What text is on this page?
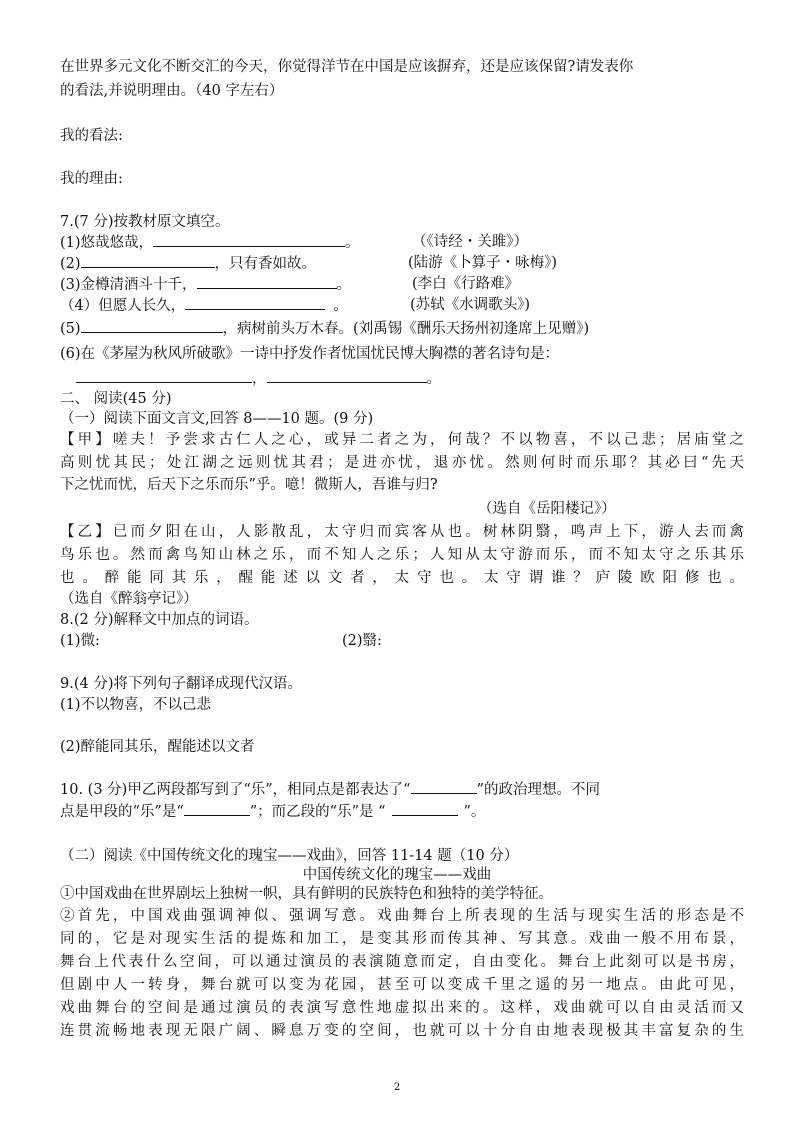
在世界多元文化不断交汇的今天，你觉得洋节在中国是应该摒弃，还是应该保留?请发表你
的看法,并说明理由。（40 字左右）
我的看法:
我的理由:
7.(7 分)按教材原文填空。
(1)悠哉悠哉，	。	（《诗经・关雎》）
(2)	，只有香如故。	(陆游《卜算子・咏梅》)
(3)金樽清酒斗十千，	。	(李白《行路难》
（4）但愿人长久，	。	(苏轼《水调歌头》)
(5)	，病树前头万木春。(刘禹锡《酬乐天扬州初逢席上见赠》)
(6)在《茅屋为秋风所破歌》一诗中抒发作者忧国忧民博大胸襟的著名诗句是：
，	。
二、 阅读(45 分)
（一）阅读下面文言文,回答 8——10 题。(9 分)
【甲】嗟夫！予尝求古仁人之心，或异二者之为，何哉？不以物喜，不以己悲；居庙堂之
高则忧其民；处江湖之远则忧其君；是进亦忧，退亦忧。然则何时而乐耶？其必曰“先天
下之忧而忧，后天下之乐而乐”乎。噫！微斯人，吾谁与归?
（选自《岳阳楼记》）
【乙】已而夕阳在山，人影散乱，太守归而宾客从也。树林阴翳，鸣声上下，游人去而禽
鸟乐也。然而禽鸟知山林之乐，而不知人之乐；人知从太守游而乐，而不知太守之乐其乐
也。醉能同其乐，醒能述以文者，太守也。太守谓谁？庐陵欧阳修也。
（选自《醉翁亭记》）
8.(2 分)解释文中加点的词语。
(1)微:	(2)翳:
9.(4 分)将下列句子翻译成现代汉语。
(1)不以物喜，不以己悲
(2)醉能同其乐，醒能述以文者
10. (3 分)甲乙两段都写到了“乐”，相同点是都表达了“	”的政治理想。不同
点是甲段的“乐”是“	”；而乙段的“乐”是 “	”。
（二）阅读《中国传统文化的瑰宝——戏曲》，回答 11-14 题（10 分）
中国传统文化的瑰宝——戏曲
①中国戏曲在世界剧坛上独树一帜，具有鲜明的民族特色和独特的美学特征。
②首先，中国戏曲强调神似、强调写意。戏曲舞台上所表现的生活与现实生活的形态是不
同的，它是对现实生活的提炼和加工，是变其形而传其神、写其意。戏曲一般不用布景，
舞台上代表什么空间，可以通过演员的表演随意而定，自由变化。舞台上此刻可以是书房，
但剧中人一转身，舞台就可以变为花园，甚至可以变成千里之遥的另一地点。由此可见，
戏曲舞台的空间是通过演员的表演写意性地虚拟出来的。这样，戏曲就可以自由灵活而又
连贯流畅地表现无限广阔、瞬息万变的空间，也就可以十分自由地表现极其丰富复杂的生
2
